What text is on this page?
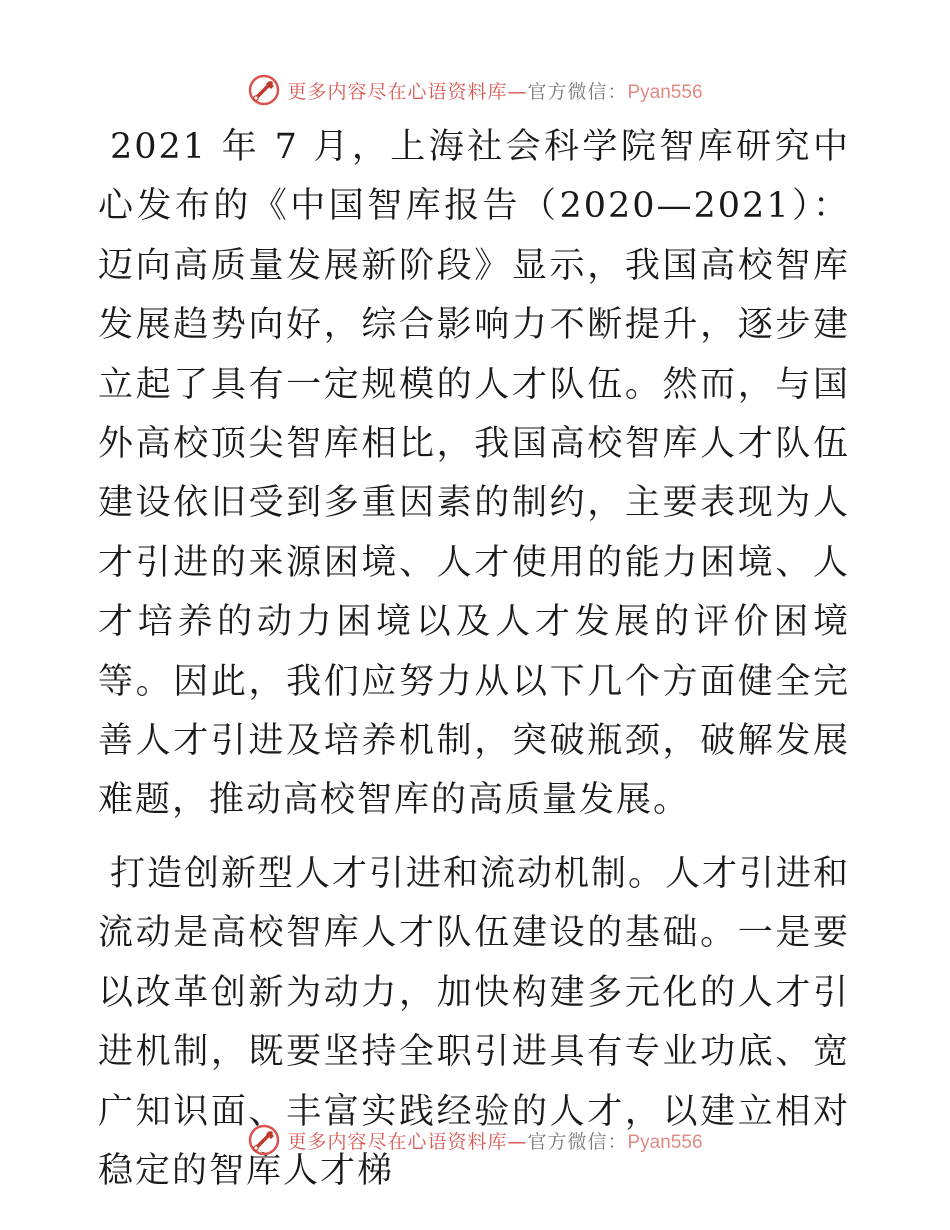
更多内容尽在心语资料库—官方微信：Pyan556

2021 年 7 月，上海社会科学院智库研究中心发布的《中国智库报告（2020—2021）：迈向高质量发展新阶段》显示，我国高校智库发展趋势向好，综合影响力不断提升，逐步建立起了具有一定规模的人才队伍。然而，与国外高校顶尖智库相比，我国高校智库人才队伍建设依旧受到多重因素的制约，主要表现为人才引进的来源困境、人才使用的能力困境、人才培养的动力困境以及人才发展的评价困境等。因此，我们应努力从以下几个方面健全完善人才引进及培养机制，突破瓶颈，破解发展难题，推动高校智库的高质量发展。

打造创新型人才引进和流动机制。人才引进和流动是高校智库人才队伍建设的基础。一是要以改革创新为动力，加快构建多元化的人才引进机制，既要坚持全职引进具有专业功底、宽广知识面、丰富实践经验的人才，以建立相对稳定的智库人才梯

更多内容尽在心语资料库—官方微信：Pyan556
